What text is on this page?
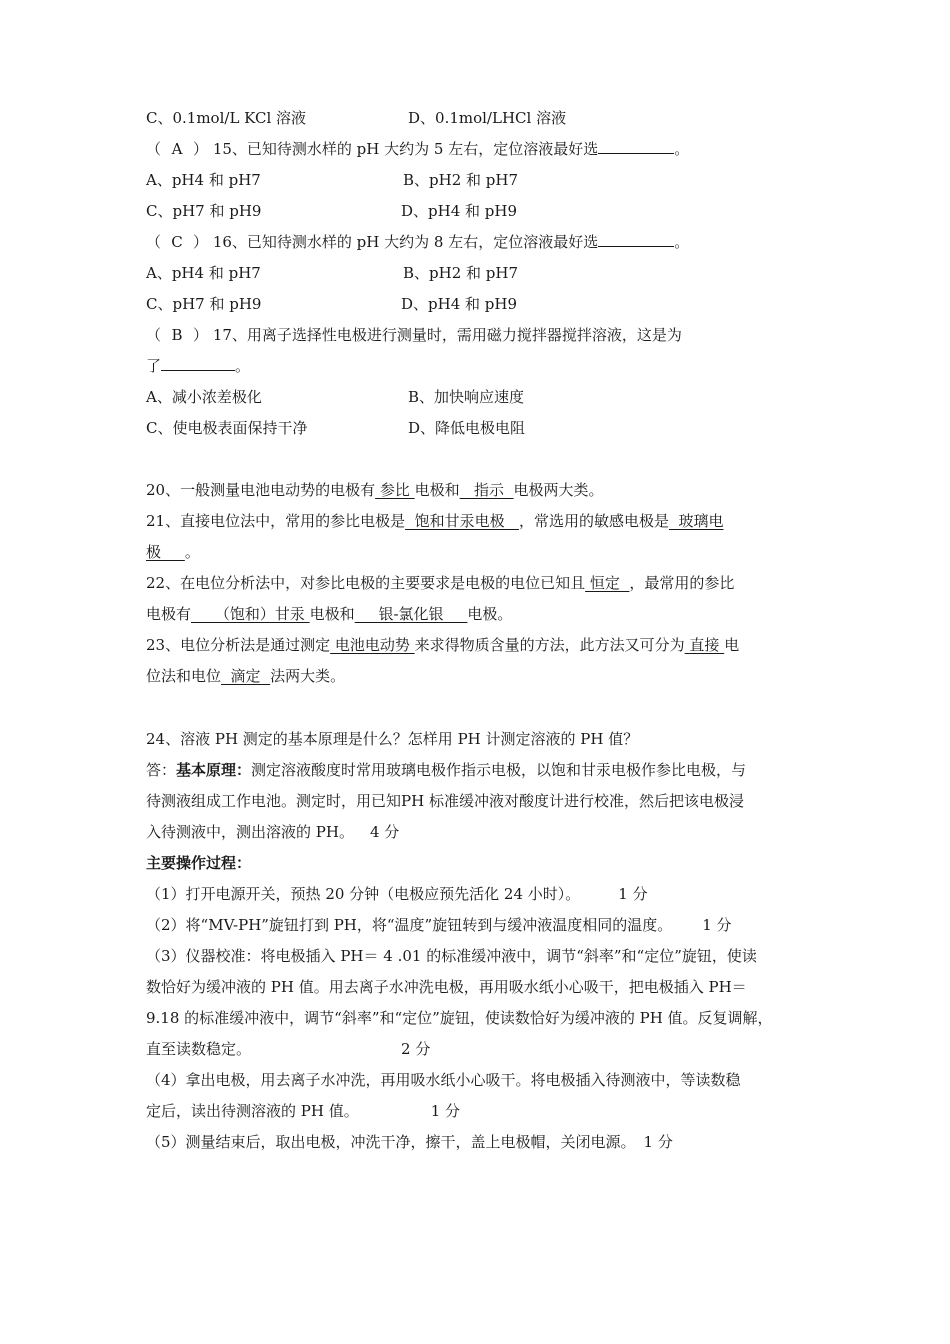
C、0.1mol/L KCl 溶液	D、0.1mol/LHCl 溶液
（ A ） 15、已知待测水样的 pH 大约为 5 左右，定位溶液最好选	。
A、pH4 和 pH7	B、pH2 和 pH7
C、pH7 和 pH9	D、pH4 和 pH9
（ C ） 16、已知待测水样的 pH 大约为 8 左右，定位溶液最好选	。
A、pH4 和 pH7	B、pH2 和 pH7
C、pH7 和 pH9	D、pH4 和 pH9
（ B ） 17、用离子选择性电极进行测量时，需用磁力搅拌器搅拌溶液，这是为
了	。
A、减小浓差极化	B、加快响应速度
C、使电极表面保持干净	D、降低电极电阻
20、一般测量电池电动势的电极有 参比 电极和   指示  电极两大类。
21、直接电位法中，常用的参比电极是  饱和甘汞电极   ，常选用的敏感电极是  玻璃电
极     。
22、在电位分析法中，对参比电极的主要要求是电极的电位已知且 恒定  ，最常用的参比
电极有     （饱和）甘汞 电极和     银-氯化银     电极。
23、电位分析法是通过测定 电池电动势 来求得物质含量的方法，此方法又可分为 直接 电
位法和电位  滴定  法两大类。
24、溶液 PH 测定的基本原理是什么？怎样用 PH 计测定溶液的 PH 值？
答：基本原理：测定溶液酸度时常用玻璃电极作指示电极，以饱和甘汞电极作参比电极，与
待测液组成工作电池。测定时，用已知PH 标准缓冲液对酸度计进行校准，然后把该电极浸
入待测液中，测出溶液的 PH。 4 分
主要操作过程：
（1）打开电源开关，预热 20 分钟（电极应预先活化 24 小时）。	1 分
（2）将“MV-PH”旋钮打到 PH，将“温度”旋钮转到与缓冲液温度相同的温度。 1 分
（3）仪器校准：将电极插入 PH＝ 4 .01 的标准缓冲液中，调节“斜率”和“定位”旋钮，使读
数恰好为缓冲液的 PH 值。用去离子水冲洗电极，再用吸水纸小心吸干，把电极插入 PH＝
9.18 的标准缓冲液中，调节“斜率”和“定位”旋钮，使读数恰好为缓冲液的 PH 值。反复调解，
直至读数稳定。	2 分
（4）拿出电极，用去离子水冲洗，再用吸水纸小心吸干。将电极插入待测液中，等读数稳
定后，读出待测溶液的 PH 值。	1 分
（5）测量结束后，取出电极，冲洗干净，擦干，盖上电极帽，关闭电源。 1 分
